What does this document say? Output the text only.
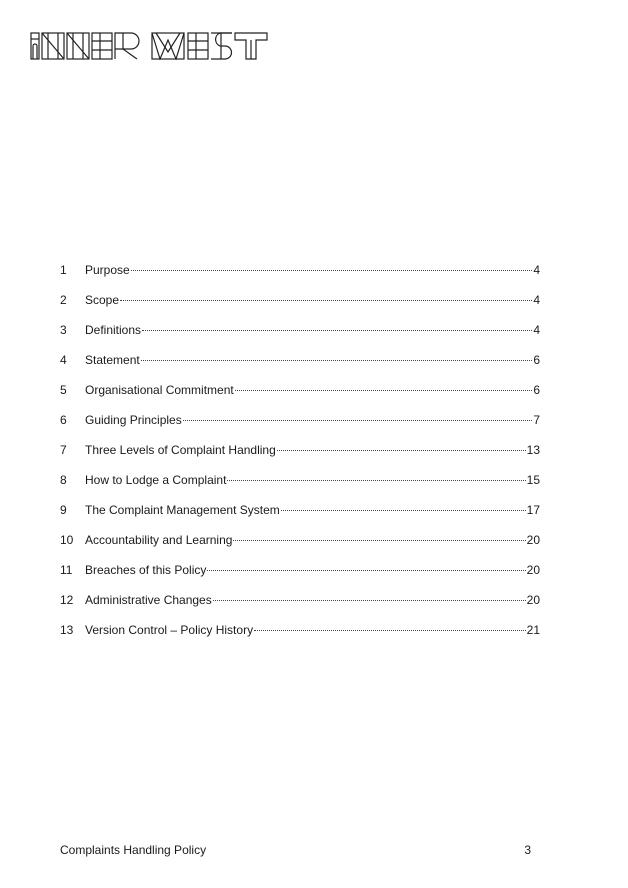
1	Purpose	4
2	Scope	4
3	Definitions	4
4	Statement	6
5	Organisational Commitment	6
6	Guiding Principles	7
7	Three Levels of Complaint Handling	13
8	How to Lodge a Complaint	15
9	The Complaint Management System	17
10 Accountability and Learning	20
11	Breaches of this Policy	20
12 Administrative Changes	20
13 Version Control – Policy History	21
Complaints Handling Policy	3
